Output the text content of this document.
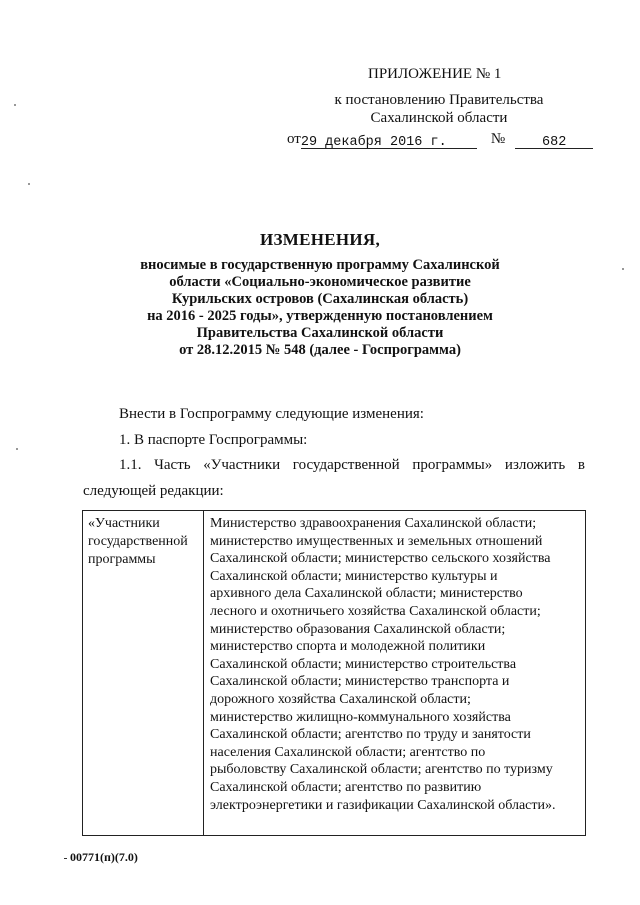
ПРИЛОЖЕНИЕ № 1
к постановлению Правительства
Сахалинской области
от29 декабря 2016 г.	№	682
ИЗМЕНЕНИЯ,
вносимые в государственную программу Сахалинской
области «Социально-экономическое развитие
Курильских островов (Сахалинская область)
на 2016 - 2025 годы», утвержденную постановлением
Правительства Сахалинской области
от 28.12.2015 № 548 (далее - Госпрограмма)
Внести в Госпрограмму следующие изменения:
1. В паспорте Госпрограммы:
1.1. Часть «Участники государственной программы» изложить в
следующей редакции:
«Участники
государственной
программы
Министерство здравоохранения Сахалинской области;
министерство имущественных и земельных отношений
Сахалинской области; министерство сельского хозяйства
Сахалинской области; министерство культуры и
архивного дела Сахалинской области; министерство
лесного и охотничьего хозяйства Сахалинской области;
министерство образования Сахалинской области;
министерство спорта и молодежной политики
Сахалинской области; министерство строительства
Сахалинской области; министерство транспорта и
дорожного хозяйства Сахалинской области;
министерство жилищно-коммунального хозяйства
Сахалинской области; агентство по труду и занятости
населения Сахалинской области; агентство по
рыболовству Сахалинской области; агентство по туризму
Сахалинской области; агентство по развитию
электроэнергетики и газификации Сахалинской области».
00771(п)(7.0)
